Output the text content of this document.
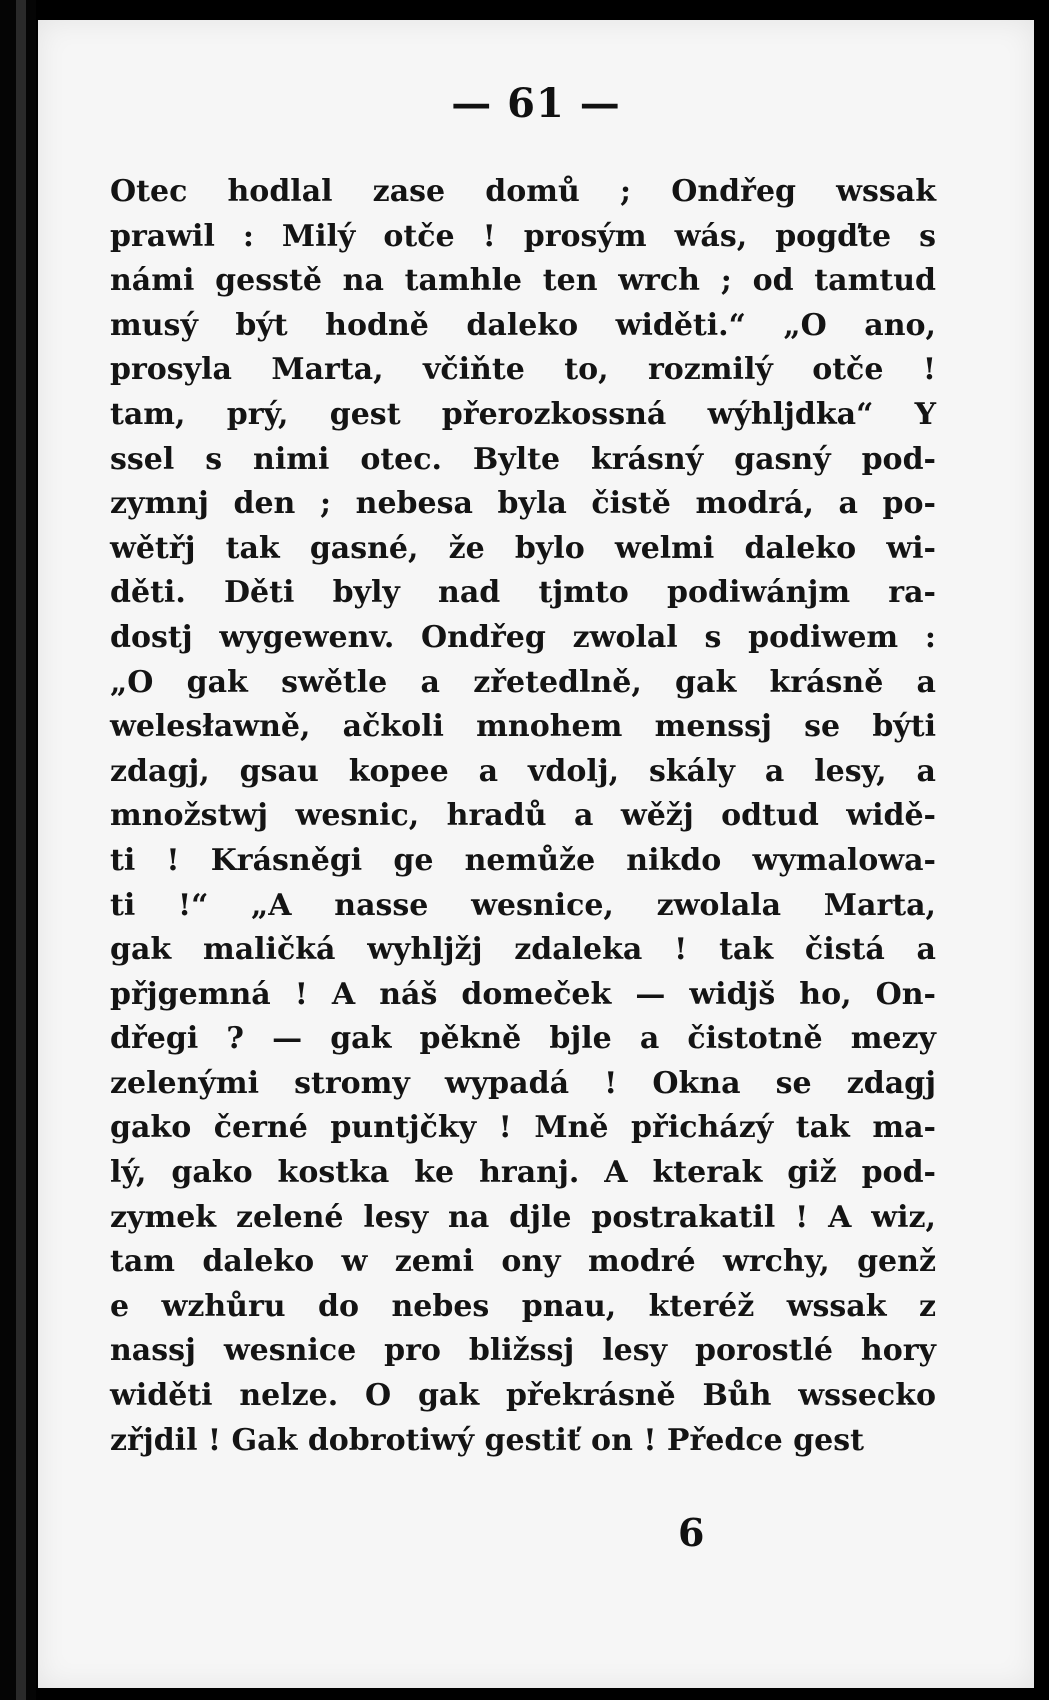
— 61 —
Otec hodlal zase domů ; Ondřeg wssak
prawil : Milý otče ! prosým wás, pogďte s
námi gesstě na tamhle ten wrch ; od tamtud
musý být hodně daleko widěti.“ „O ano,
prosyla Marta, včiňte to, rozmilý otče !
tam, prý, gest přerozkossná wýhljdka“ Y
ssel s nimi otec. Bylte krásný gasný pod-
zymnj den ; nebesa byla čistě modrá, a po-
wětřj tak gasné, že bylo welmi daleko wi-
děti. Děti byly nad tjmto podiwánjm ra-
dostj wygewenv. Ondřeg zwolal s podiwem :
„O gak swětle a zřetedlně, gak krásně a
welesławně, ačkoli mnohem menssj se býti
zdagj, gsau kopee a vdolj, skály a lesy, a
množstwj wesnic, hradů a wěžj odtud widě-
ti ! Krásněgi ge nemůže nikdo wymalowa-
ti !“ „A nasse wesnice, zwolala Marta,
gak maličká wyhljžj zdaleka ! tak čistá a
přjgemná ! A náš domeček — widjš ho, On-
dřegi ? — gak pěkně bjle a čistotně mezy
zelenými stromy wypadá ! Okna se zdagj
gako černé puntjčky ! Mně přicházý tak ma-
lý, gako kostka ke hranj. A kterak giž pod-
zymek zelené lesy na djle postrakatil ! A wiz,
tam daleko w zemi ony modré wrchy, genž
e wzhůru do nebes pnau, kteréž wssak z
nassj wesnice pro bližssj lesy porostlé hory
widěti nelze. O gak překrásně Bůh wsseckо
zřjdil ! Gak dobrotiwý gestiť on ! Předce gest
6
